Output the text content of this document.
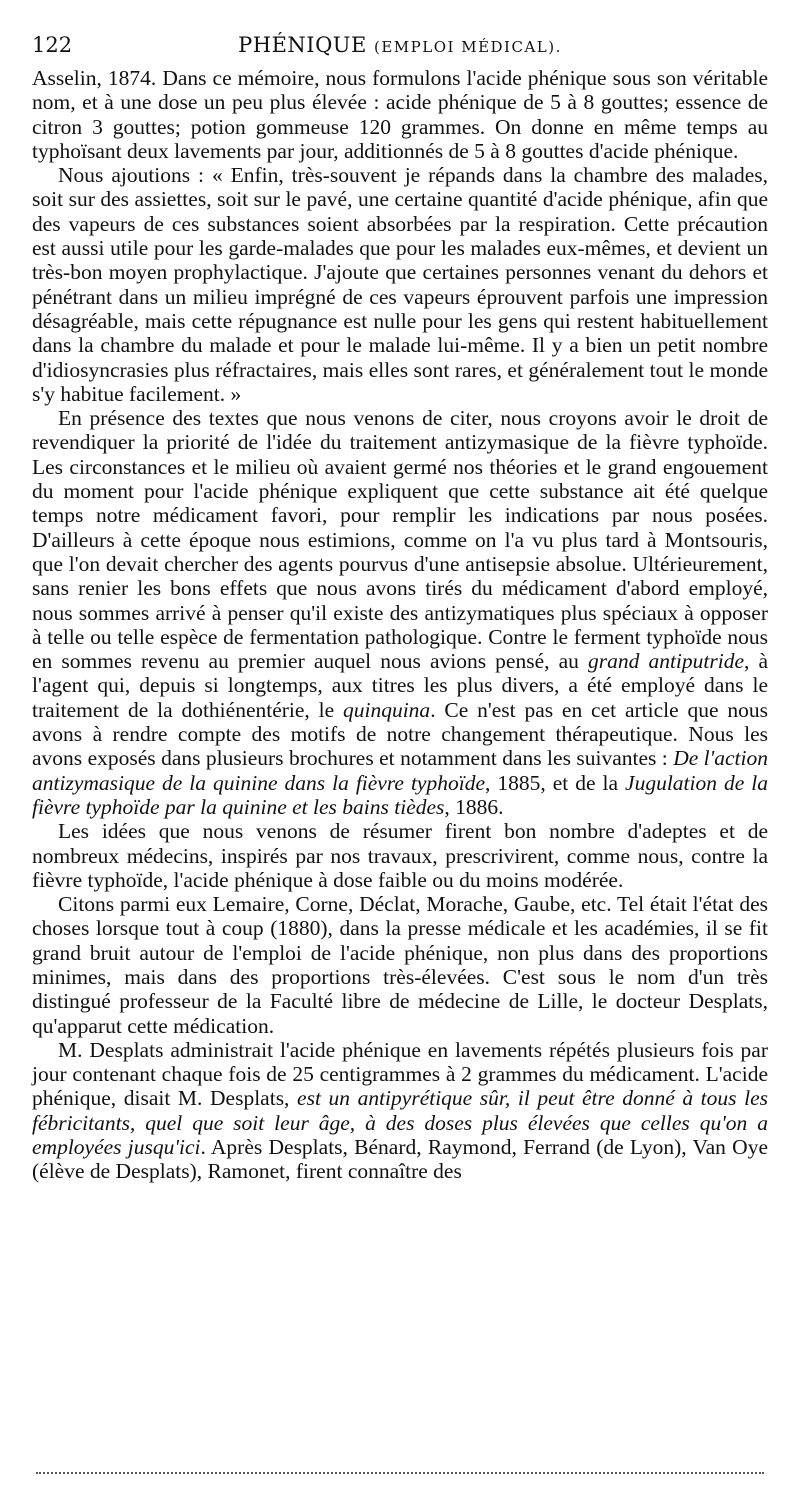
122	PHÉNIQUE (EMPLOI MÉDICAL).

Asselin, 1874. Dans ce mémoire, nous formulons l'acide phénique sous son véritable nom, et à une dose un peu plus élevée : acide phénique de 5 à 8 gouttes; essence de citron 3 gouttes; potion gommeuse 120 grammes. On donne en même temps au typhoïsant deux lavements par jour, additionnés de 5 à 8 gouttes d'acide phénique.

Nous ajoutions : « Enfin, très-souvent je répands dans la chambre des malades, soit sur des assiettes, soit sur le pavé, une certaine quantité d'acide phénique, afin que des vapeurs de ces substances soient absorbées par la respiration. Cette précaution est aussi utile pour les garde-malades que pour les malades eux-mêmes, et devient un très-bon moyen prophylactique. J'ajoute que certaines personnes venant du dehors et pénétrant dans un milieu imprégné de ces vapeurs éprouvent parfois une impression désagréable, mais cette répugnance est nulle pour les gens qui restent habituellement dans la chambre du malade et pour le malade lui-même. Il y a bien un petit nombre d'idiosyncrasies plus réfractaires, mais elles sont rares, et généralement tout le monde s'y habitue facilement. »

En présence des textes que nous venons de citer, nous croyons avoir le droit de revendiquer la priorité de l'idée du traitement antizymasique de la fièvre typhoïde. Les circonstances et le milieu où avaient germé nos théories et le grand engouement du moment pour l'acide phénique expliquent que cette substance ait été quelque temps notre médicament favori, pour remplir les indications par nous posées. D'ailleurs à cette époque nous estimions, comme on l'a vu plus tard à Montsouris, que l'on devait chercher des agents pourvus d'une antisepsie absolue. Ultérieurement, sans renier les bons effets que nous avons tirés du médicament d'abord employé, nous sommes arrivé à penser qu'il existe des antizymatiques plus spéciaux à opposer à telle ou telle espèce de fermentation pathologique. Contre le ferment typhoïde nous en sommes revenu au premier auquel nous avions pensé, au grand antiputride, à l'agent qui, depuis si longtemps, aux titres les plus divers, a été employé dans le traitement de la dothiénentérie, le quinquina. Ce n'est pas en cet article que nous avons à rendre compte des motifs de notre changement thérapeutique. Nous les avons exposés dans plusieurs brochures et notamment dans les suivantes : De l'action antizymasique de la quinine dans la fièvre typhoïde, 1885, et de la Jugulation de la fièvre typhoïde par la quinine et les bains tièdes, 1886.

Les idées que nous venons de résumer firent bon nombre d'adeptes et de nombreux médecins, inspirés par nos travaux, prescrivirent, comme nous, contre la fièvre typhoïde, l'acide phénique à dose faible ou du moins modérée.

Citons parmi eux Lemaire, Corne, Déclat, Morache, Gaube, etc. Tel était l'état des choses lorsque tout à coup (1880), dans la presse médicale et les académies, il se fit grand bruit autour de l'emploi de l'acide phénique, non plus dans des proportions minimes, mais dans des proportions très-élevées. C'est sous le nom d'un très distingué professeur de la Faculté libre de médecine de Lille, le docteur Desplats, qu'apparut cette médication.

M. Desplats administrait l'acide phénique en lavements répétés plusieurs fois par jour contenant chaque fois de 25 centigrammes à 2 grammes du médicament. L'acide phénique, disait M. Desplats, est un antipyrétique sûr, il peut être donné à tous les fébricitants, quel que soit leur âge, à des doses plus élevées que celles qu'on a employées jusqu'ici. Après Desplats, Bénard, Raymond, Ferrand (de Lyon), Van Oye (élève de Desplats), Ramonet, firent connaître des
